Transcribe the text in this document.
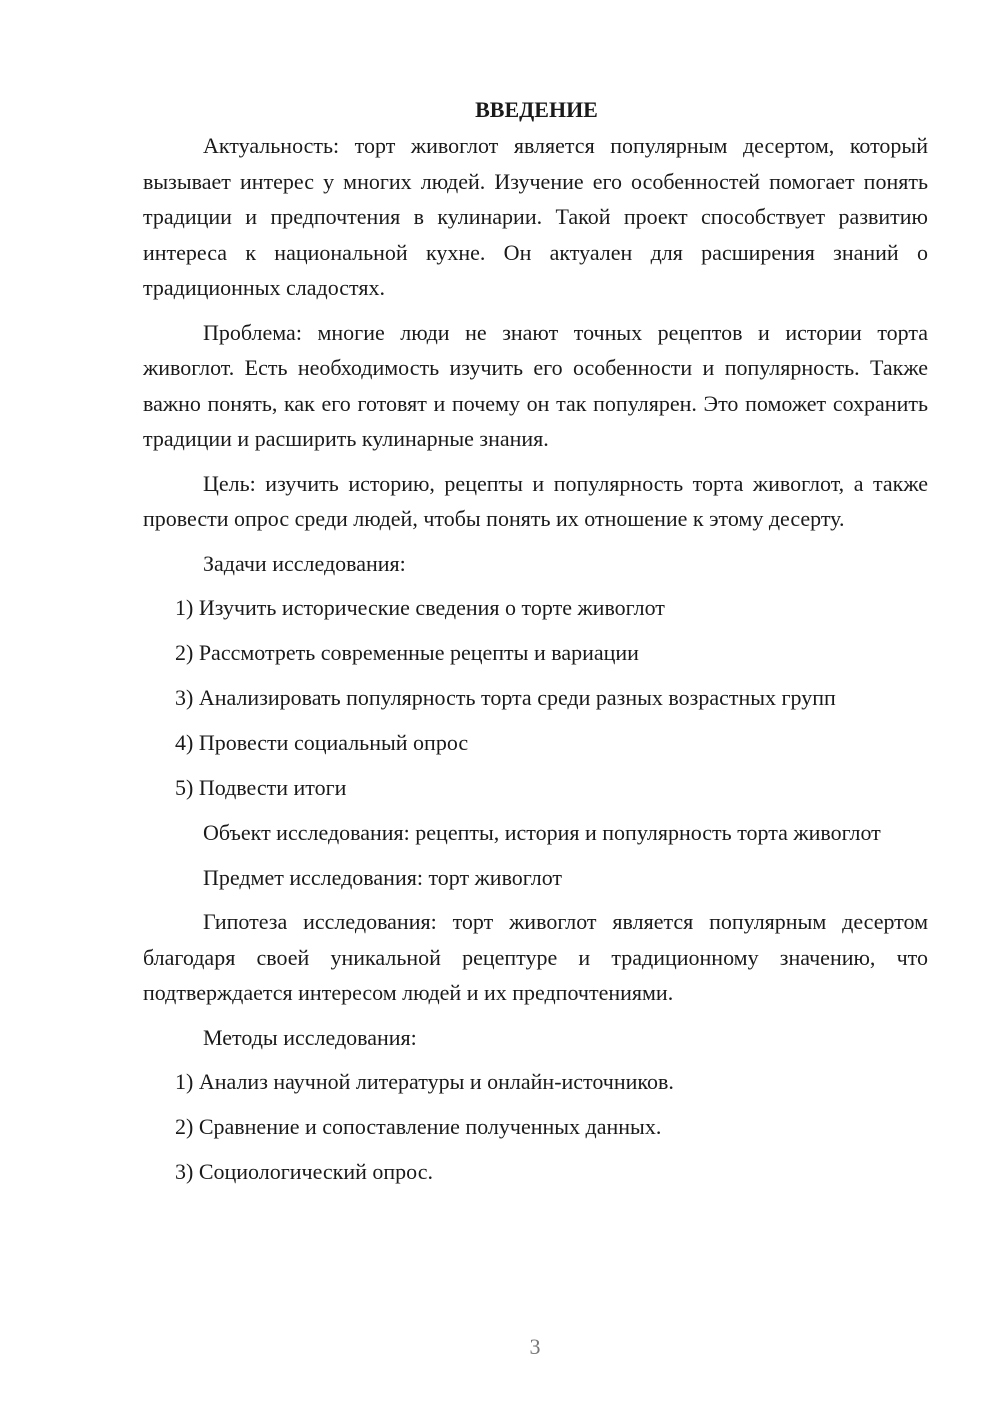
ВВЕДЕНИЕ

Актуальность: торт живоглот является популярным десертом, который вызывает интерес у многих людей. Изучение его особенностей помогает понять традиции и предпочтения в кулинарии. Такой проект способствует развитию интереса к национальной кухне. Он актуален для расширения знаний о традиционных сладостях.

Проблема: многие люди не знают точных рецептов и истории торта живоглот. Есть необходимость изучить его особенности и популярность. Также важно понять, как его готовят и почему он так популярен. Это поможет сохранить традиции и расширить кулинарные знания.

Цель: изучить историю, рецепты и популярность торта живоглот, а также провести опрос среди людей, чтобы понять их отношение к этому десерту.

Задачи исследования:

1) Изучить исторические сведения о торте живоглот
2) Рассмотреть современные рецепты и вариации
3) Анализировать популярность торта среди разных возрастных групп
4) Провести социальный опрос
5) Подвести итоги

Объект исследования: рецепты, история и популярность торта живоглот

Предмет исследования: торт живоглот

Гипотеза исследования: торт живоглот является популярным десертом благодаря своей уникальной рецептуре и традиционному значению, что подтверждается интересом людей и их предпочтениями.

Методы исследования:

1) Анализ научной литературы и онлайн-источников.
2) Сравнение и сопоставление полученных данных.
3) Социологический опрос.
3
